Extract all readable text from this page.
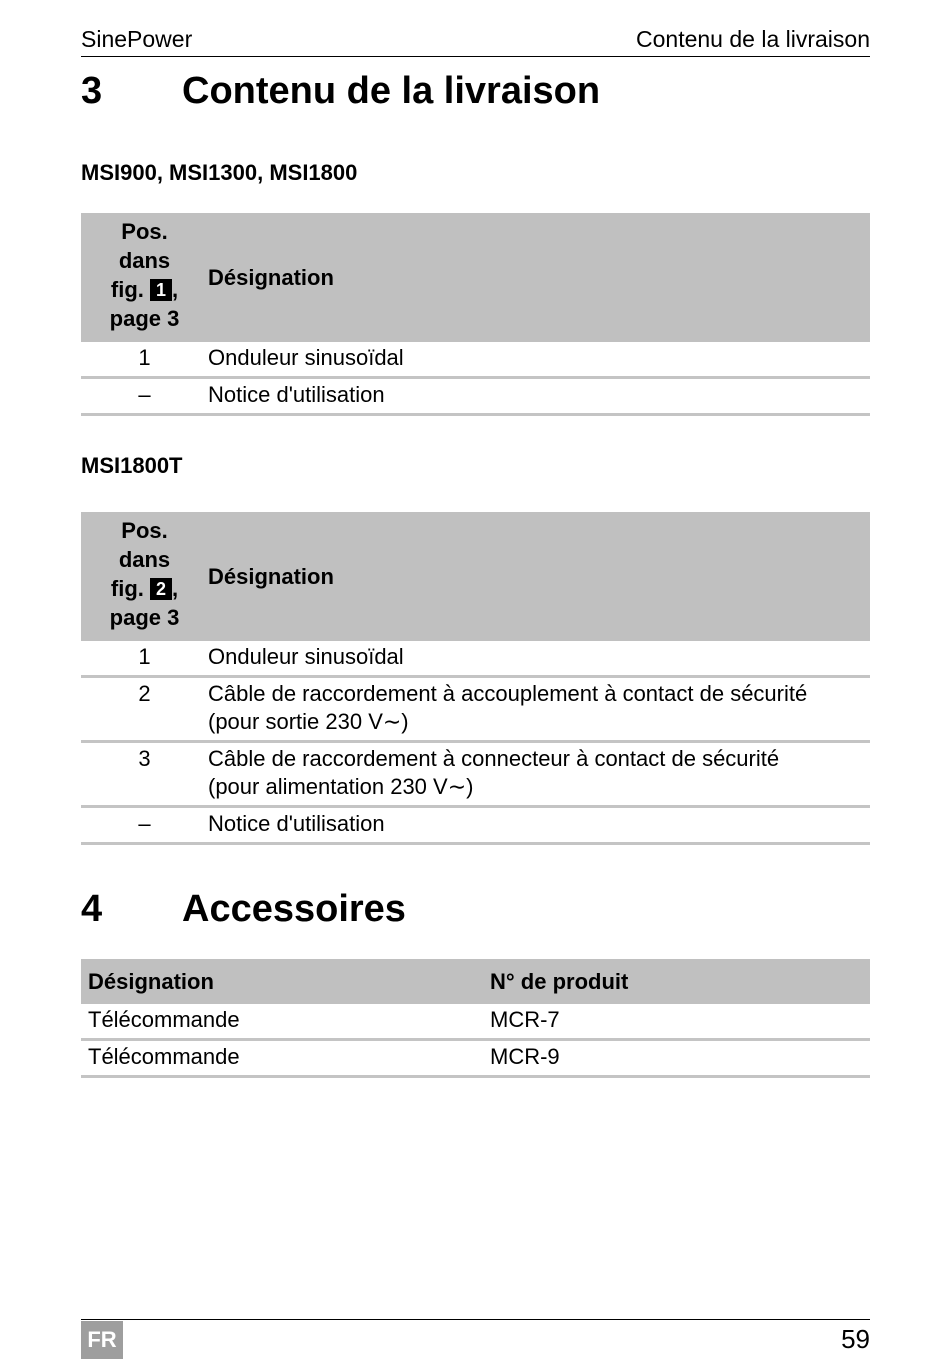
SinePower	Contenu de la livraison
3 Contenu de la livraison
MSI900, MSI1300, MSI1800
Pos.
dans
fig. 1 ,
page 3	Désignation
1	Onduleur sinusoïdal
–	Notice d'utilisation
MSI1800T
Pos.
dans
fig. 2 ,
page 3	Désignation
1	Onduleur sinusoïdal
2	Câble de raccordement à accouplement à contact de sécurité
(pour sortie 230 V∼)
3	Câble de raccordement à connecteur à contact de sécurité
(pour alimentation 230 V∼)
–	Notice d'utilisation
4 Accessoires
Désignation	N° de produit
Télécommande	MCR-7
Télécommande	MCR-9
FR	59
